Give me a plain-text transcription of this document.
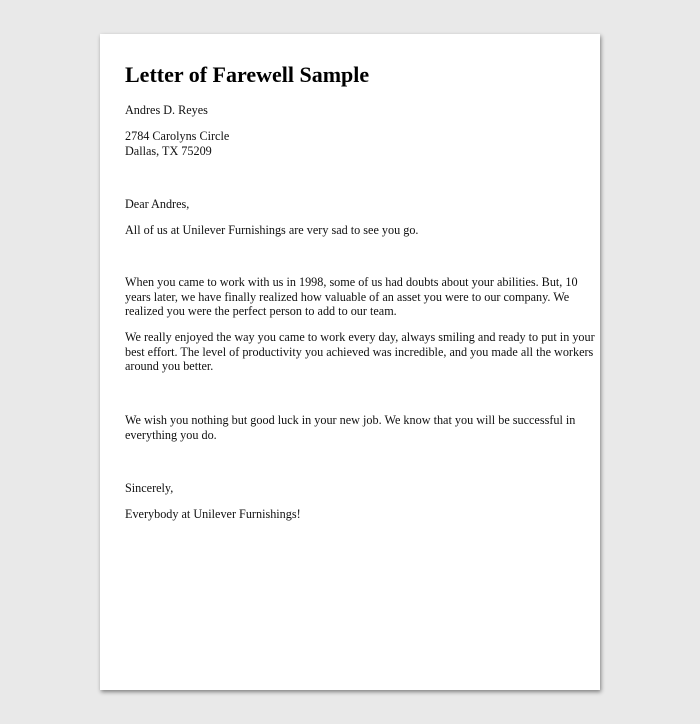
Letter of Farewell Sample

Andres D. Reyes

2784 Carolyns Circle
Dallas, TX 75209

Dear Andres,

All of us at Unilever Furnishings are very sad to see you go.

When you came to work with us in 1998, some of us had doubts about your abilities. But, 10
years later, we have finally realized how valuable of an asset you were to our company. We
realized you were the perfect person to add to our team.

We really enjoyed the way you came to work every day, always smiling and ready to put in your
best effort. The level of productivity you achieved was incredible, and you made all the workers
around you better.

We wish you nothing but good luck in your new job. We know that you will be successful in
everything you do.

Sincerely,

Everybody at Unilever Furnishings!
